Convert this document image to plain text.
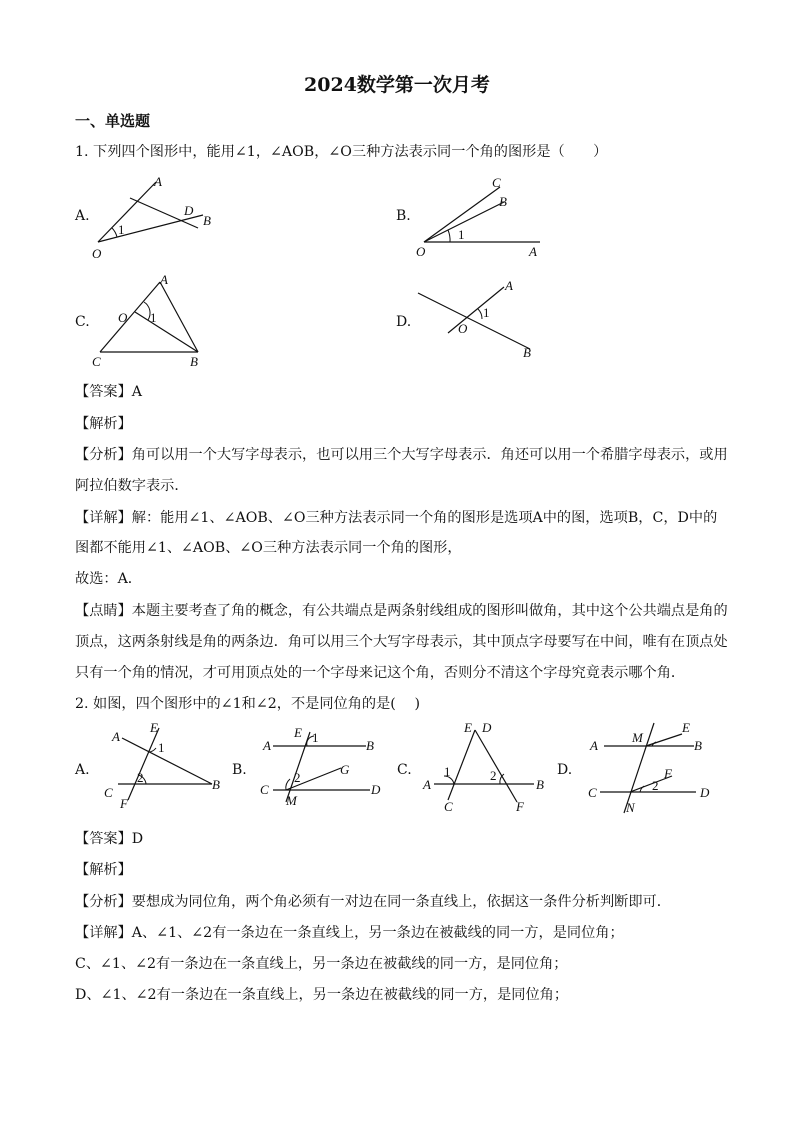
2024数学第一次月考
一、单选题
1. 下列四个图形中，能用∠1，∠AOB，∠O三种方法表示同一个角的图形是（　　）
A.
A
D
B
O
1
B.
C
B
O	A
1
C.
A
O 1
C	B
D.
A
O
1
B
【答案】A
【解析】
【分析】角可以用一个大写字母表示，也可以用三个大写字母表示．角还可以用一个希腊字母表示，或用
阿拉伯数字表示．
【详解】解：能用∠1、∠AOB、∠O三种方法表示同一个角的图形是选项A中的图，选项B，C，D中的
图都不能用∠1、∠AOB、∠O三种方法表示同一个角的图形，
故选：A．
【点睛】本题主要考查了角的概念，有公共端点是两条射线组成的图形叫做角，其中这个公共端点是角的
顶点，这两条射线是角的两条边．角可以用三个大写字母表示，其中顶点字母要写在中间，唯有在顶点处
只有一个角的情况，才可用顶点处的一个字母来记这个角，否则分不清这个字母究竟表示哪个角．
2. 如图，四个图形中的∠1和∠2，不是同位角的是(　 )
A.
A
E
1
2
C
F
B
B.
A
E 1
B
G
2
C
M
D
C.
E D
1	2
A	B
C	F
D.
A
M
E
B
F
2
C
N
D
【答案】D
【解析】
【分析】要想成为同位角，两个角必须有一对边在同一条直线上，依据这一条件分析判断即可．
【详解】A、∠1、∠2有一条边在一条直线上，另一条边在被截线的同一方，是同位角；
C、∠1、∠2有一条边在一条直线上，另一条边在被截线的同一方，是同位角；
D、∠1、∠2有一条边在一条直线上，另一条边在被截线的同一方，是同位角；
